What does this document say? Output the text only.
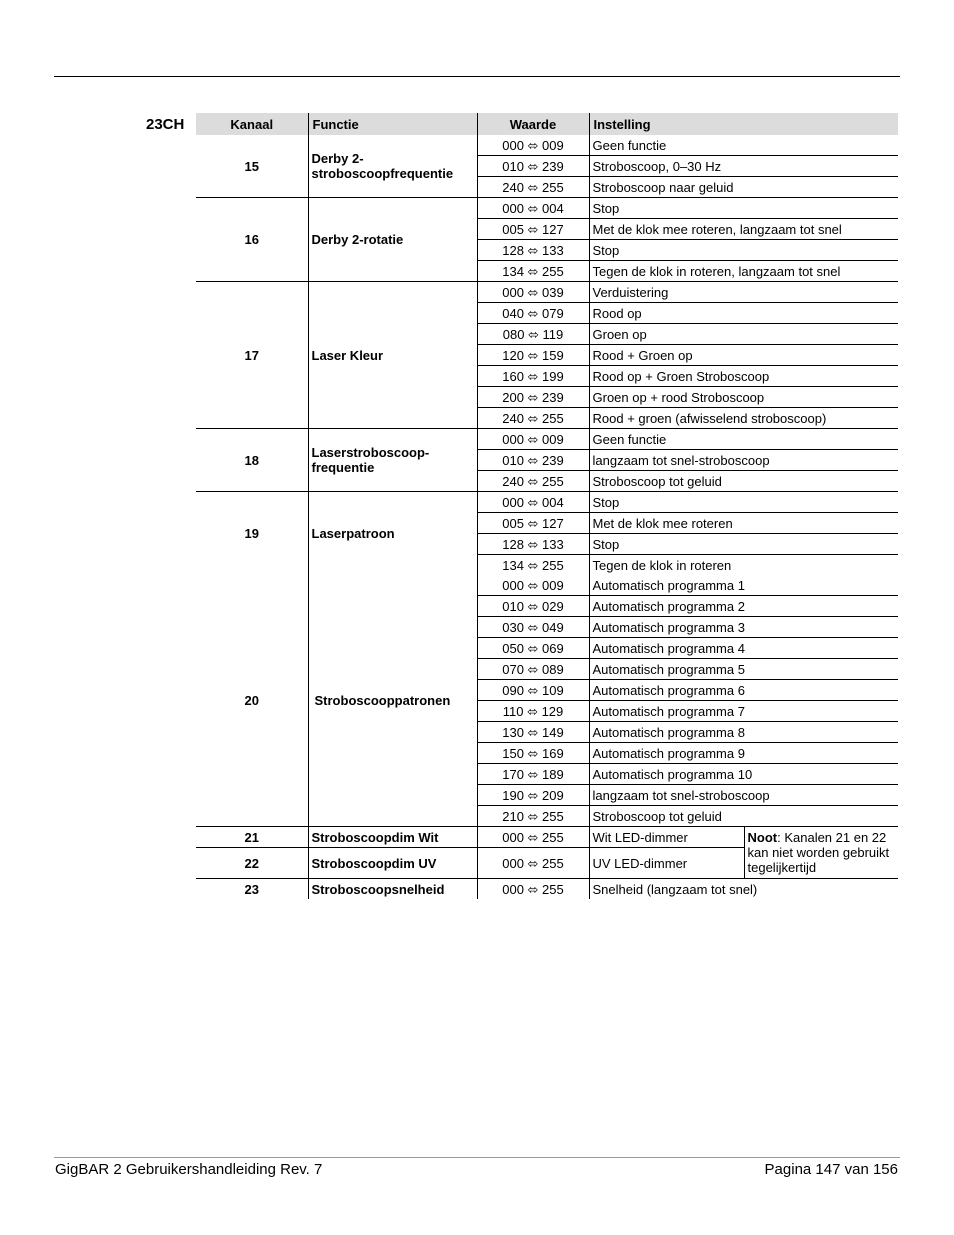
23CH	Kanaal	Functie	Waarde	Instelling	
15	Derby 2-stroboscoopfrequentie	000 ⬄ 009	Geen functie	
		010 ⬄ 239	Stroboscoop, 0–30 Hz	
		240 ⬄ 255	Stroboscoop naar geluid	
16	Derby 2-rotatie	000 ⬄ 004	Stop	
		005 ⬄ 127	Met de klok mee roteren, langzaam tot snel	
		128 ⬄ 133	Stop	
		134 ⬄ 255	Tegen de klok in roteren, langzaam tot snel	
17	Laser Kleur	000 ⬄ 039	Verduistering	
		040 ⬄ 079	Rood op	
		080 ⬄ 119	Groen op	
		120 ⬄ 159	Rood + Groen op	
		160 ⬄ 199	Rood op + Groen Stroboscoop	
		200 ⬄ 239	Groen op + rood Stroboscoop	
		240 ⬄ 255	Rood + groen (afwisselend stroboscoop)	
18	Laserstroboscoop-frequentie	000 ⬄ 009	Geen functie	
		010 ⬄ 239	langzaam tot snel-stroboscoop	
		240 ⬄ 255	Stroboscoop tot geluid	
19	Laserpatroon	000 ⬄ 004	Stop	
		005 ⬄ 127	Met de klok mee roteren	
		128 ⬄ 133	Stop	
		134 ⬄ 255	Tegen de klok in roteren	
20	Stroboscooppatronen	000 ⬄ 009	Automatisch programma 1	
		010 ⬄ 029	Automatisch programma 2	
		030 ⬄ 049	Automatisch programma 3	
		050 ⬄ 069	Automatisch programma 4	
		070 ⬄ 089	Automatisch programma 5	
		090 ⬄ 109	Automatisch programma 6	
		110 ⬄ 129	Automatisch programma 7	
		130 ⬄ 149	Automatisch programma 8	
		150 ⬄ 169	Automatisch programma 9	
		170 ⬄ 189	Automatisch programma 10	
		190 ⬄ 209	langzaam tot snel-stroboscoop	
		210 ⬄ 255	Stroboscoop tot geluid	
21	Stroboscoopdim Wit	000 ⬄ 255	Wit LED-dimmer	Noot: Kanalen 21 en 22 kan niet worden gebruikt tegelijkertijd
22	Stroboscoopdim UV	000 ⬄ 255	UV LED-dimmer	
23	Stroboscoopsnelheid	000 ⬄ 255	Snelheid (langzaam tot snel)	
GigBAR 2 Gebruikershandleiding Rev. 7	Pagina 147 van 156
